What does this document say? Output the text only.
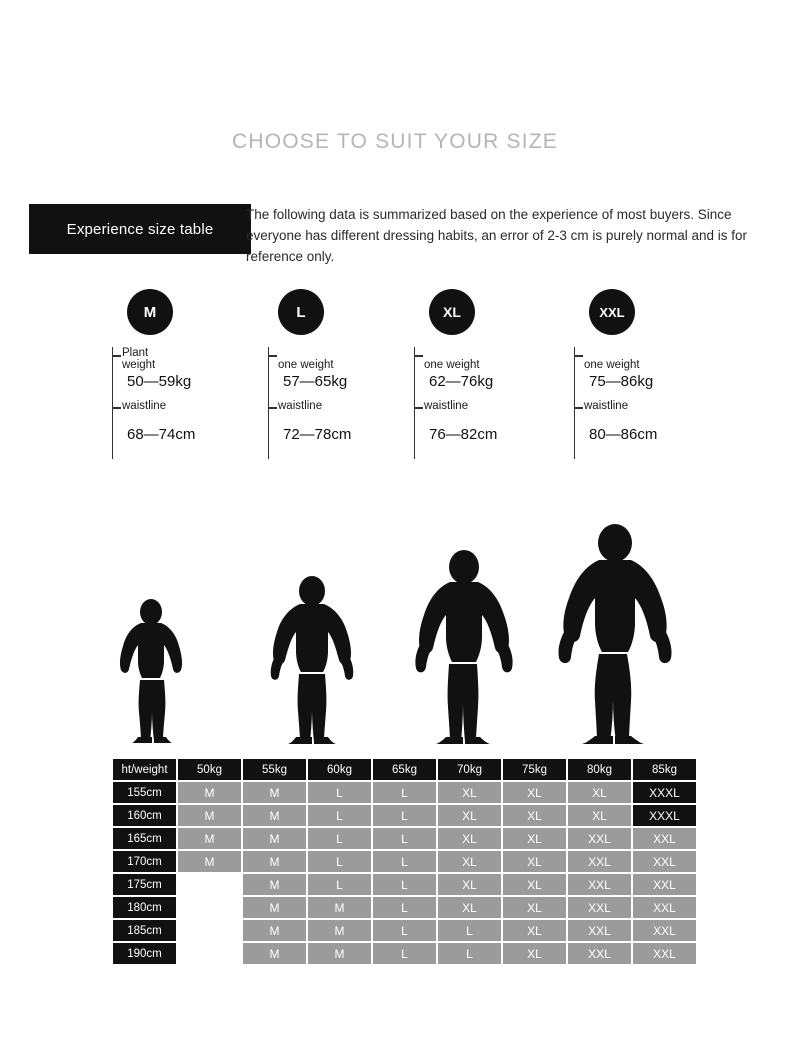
CHOOSE TO SUIT YOUR SIZE
Experience size table
The following data is summarized based on the experience of most buyers. Since everyone has different dressing habits, an error of 2-3 cm is purely normal and is for reference only.
M
Plant
weight
50—59kg
waistline
68—74cm
L
one weight
57—65kg
waistline
72—78cm
XL
one weight
62—76kg
waistline
76—82cm
XXL
one weight
75—86kg
waistline
80—86cm
ht/weight	50kg	55kg	60kg	65kg	70kg	75kg	80kg	85kg
155cm	M	M	L	L	XL	XL	XL	XXXL
160cm	M	M	L	L	XL	XL	XL	XXXL
165cm	M	M	L	L	XL	XL	XXL	XXL
170cm	M	M	L	L	XL	XL	XXL	XXL
175cm		M	L	L	XL	XL	XXL	XXL
180cm		M	M	L	XL	XL	XXL	XXL
185cm		M	M	L	L	XL	XXL	XXL
190cm		M	M	L	L	XL	XXL	XXL
